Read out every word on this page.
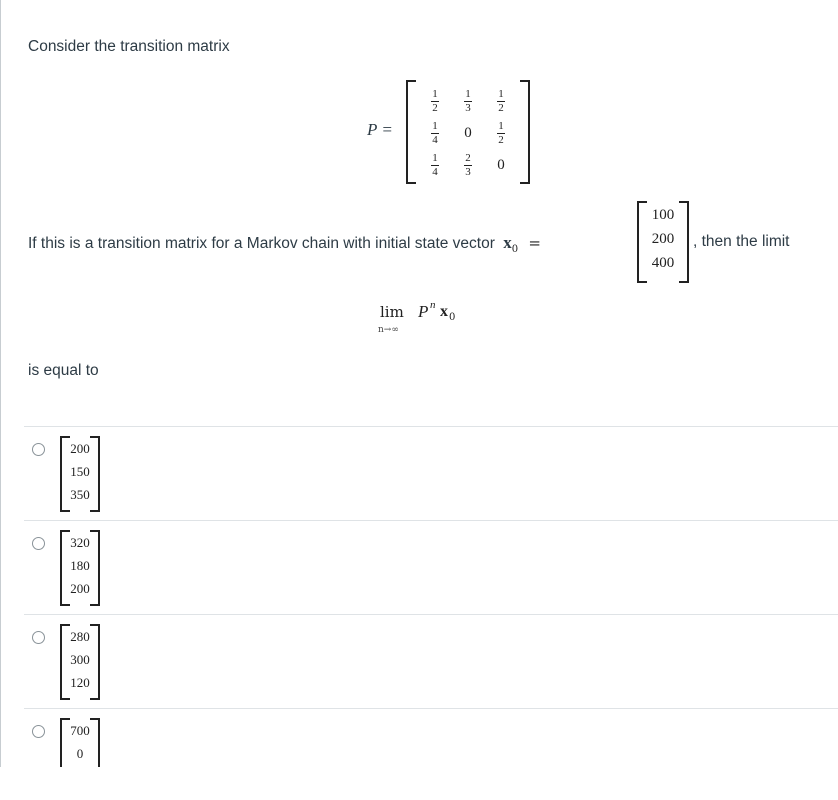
Consider the transition matrix
P =
$\frac{1}{2} \frac{1}{3} \frac{1}{2}$
$\frac{1}{4}$	0	$\frac{1}{2}$
$\frac{1}{4} \frac{2}{3}$	0
If this is a transition matrix for a Markov chain with initial state vector $x_0$ =
100
200
400
, then the limit
lim
n→∞
P n x 0
is equal to
200
150
350
320
180
200
280
300
120
700
0
